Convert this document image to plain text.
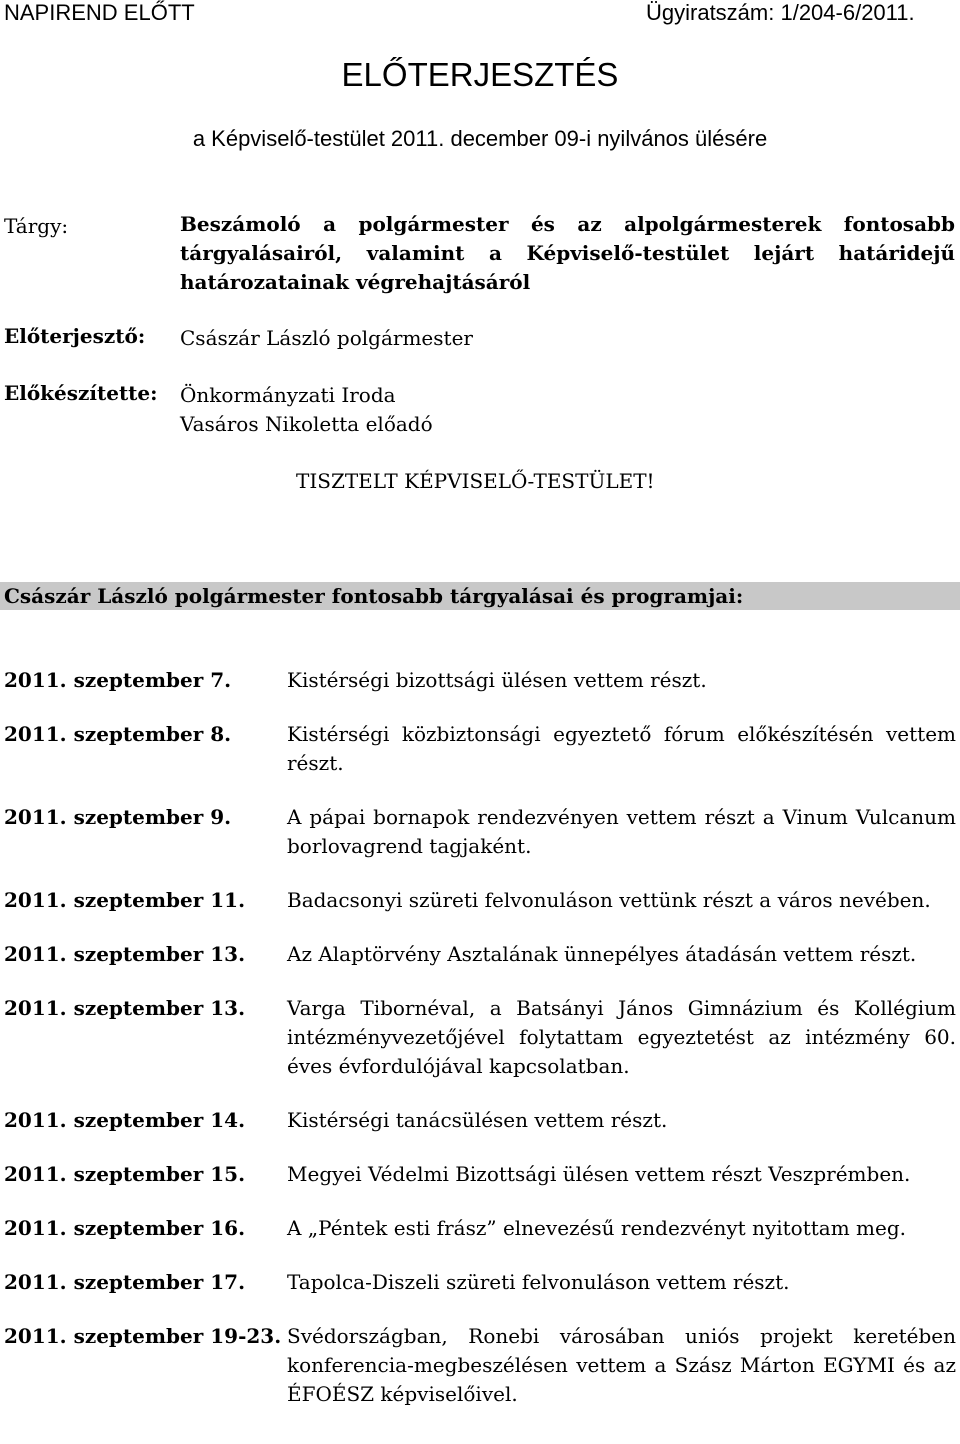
NAPIREND ELŐTT	Ügyiratszám: 1/204-6/2011.
ELŐTERJESZTÉS
a Képviselő-testület 2011. december 09-i nyilvános ülésére
Tárgy:	Beszámoló a polgármester és az alpolgármesterek fontosabb tárgyalásairól, valamint a Képviselő-testület lejárt határidejű határozatainak végrehajtásáról
Előterjesztő: Császár László polgármester
Előkészítette: Önkormányzati Iroda
Vasáros Nikoletta előadó
TISZTELT KÉPVISELŐ-TESTÜLET!
Császár László polgármester fontosabb tárgyalásai és programjai:
2011. szeptember 7.	Kistérségi bizottsági ülésen vettem részt.
2011. szeptember 8.	Kistérségi közbiztonsági egyeztető fórum előkészítésén vettem részt.
2011. szeptember 9.	A pápai bornapok rendezvényen vettem részt a Vinum Vulcanum borlovagrend tagjaként.
2011. szeptember 11.	Badacsonyi szüreti felvonuláson vettünk részt a város nevében.
2011. szeptember 13.	Az Alaptörvény Asztalának ünnepélyes átadásán vettem részt.
2011. szeptember 13.	Varga Tibornéval, a Batsányi János Gimnázium és Kollégium intézményvezetőjével folytattam egyeztetést az intézmény 60. éves évfordulójával kapcsolatban.
2011. szeptember 14.	Kistérségi tanácsülésen vettem részt.
2011. szeptember 15.	Megyei Védelmi Bizottsági ülésen vettem részt Veszprémben.
2011. szeptember 16.	A „Péntek esti frász” elnevezésű rendezvényt nyitottam meg.
2011. szeptember 17.	Tapolca-Diszeli szüreti felvonuláson vettem részt.
2011. szeptember 19-23. Svédországban, Ronebi városában uniós projekt keretében konferencia-megbeszélésen vettem a Szász Márton EGYMI és az ÉFOÉSZ képviselőivel.
